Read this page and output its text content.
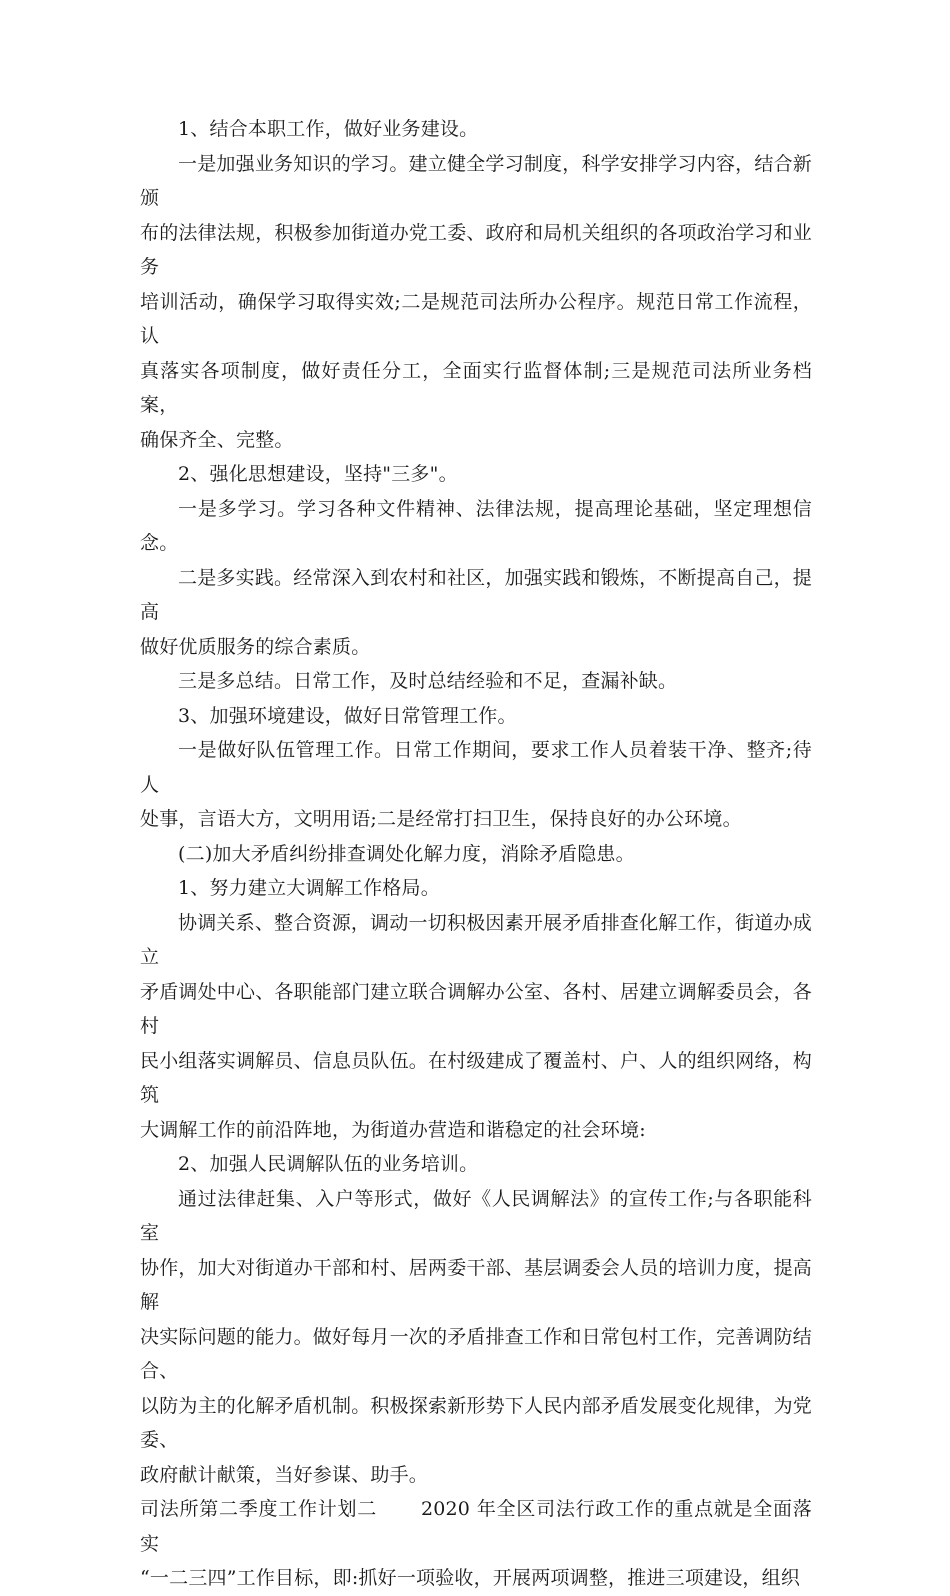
1、结合本职工作，做好业务建设。

一是加强业务知识的学习。建立健全学习制度，科学安排学习内容，结合新颁

布的法律法规，积极参加街道办党工委、政府和局机关组织的各项政治学习和业务
培训活动，确保学习取得实效;二是规范司法所办公程序。规范日常工作流程，认
真落实各项制度，做好责任分工，全面实行监督体制;三是规范司法所业务档案，
确保齐全、完整。

2、强化思想建设，坚持"三多"。

一是多学习。学习各种文件精神、法律法规，提高理论基础，坚定理想信念。

二是多实践。经常深入到农村和社区，加强实践和锻炼，不断提高自己，提高

做好优质服务的综合素质。

三是多总结。日常工作，及时总结经验和不足，查漏补缺。

3、加强环境建设，做好日常管理工作。

一是做好队伍管理工作。日常工作期间，要求工作人员着装干净、整齐;待人

处事，言语大方，文明用语;二是经常打扫卫生，保持良好的办公环境。

(二)加大矛盾纠纷排查调处化解力度，消除矛盾隐患。

1、努力建立大调解工作格局。

协调关系、整合资源，调动一切积极因素开展矛盾排查化解工作，街道办成立

矛盾调处中心、各职能部门建立联合调解办公室、各村、居建立调解委员会，各村
民小组落实调解员、信息员队伍。在村级建成了覆盖村、户、人的组织网络，构筑
大调解工作的前沿阵地，为街道办营造和谐稳定的社会环境:

2、加强人民调解队伍的业务培训。

通过法律赶集、入户等形式，做好《人民调解法》的宣传工作;与各职能科室

协作，加大对街道办干部和村、居两委干部、基层调委会人员的培训力度，提高解
决实际问题的能力。做好每月一次的矛盾排查工作和日常包村工作，完善调防结合、
以防为主的化解矛盾机制。积极探索新形势下人民内部矛盾发展变化规律，为党委、
政府献计献策，当好参谋、助手。

司法所第二季度工作计划二 2020 年全区司法行政工作的重点就是全面落实

“一二三四”工作目标，即:抓好一项验收，开展两项调整，推进三项建设，组织
